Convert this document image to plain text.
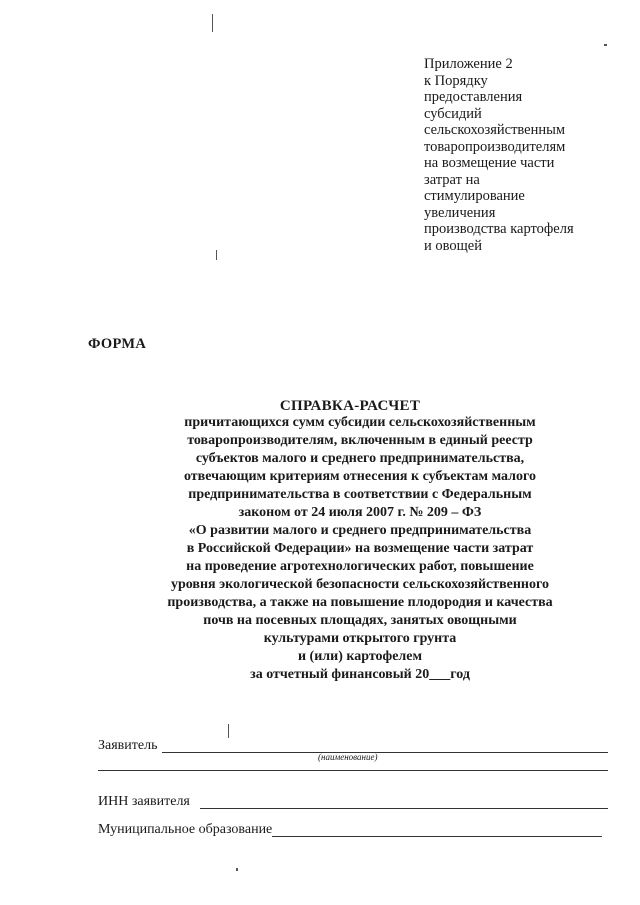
Приложение 2
к Порядку
предоставления
субсидий
сельскохозяйственным
товаропроизводителям
на возмещение части
затрат на
стимулирование
увеличения
производства картофеля
и овощей
ФОРМА
СПРАВКА-РАСЧЕТ
причитающихся сумм субсидии сельскохозяйственным
товаропроизводителям, включенным в единый реестр
субъектов малого и среднего предпринимательства,
отвечающим критериям отнесения к субъектам малого
предпринимательства в соответствии с Федеральным
законом от 24 июля 2007 г. № 209 – ФЗ
«О развитии малого и среднего предпринимательства
в Российской Федерации» на возмещение части затрат
на проведение агротехнологических работ, повышение
уровня экологической безопасности сельскохозяйственного
производства, а также на повышение плодородия и качества
почв на посевных площадях, занятых овощными
культурами открытого грунта
и (или) картофелем
за отчетный финансовый 20___год
Заявитель
(наименование)
ИНН заявителя
Муниципальное образование
